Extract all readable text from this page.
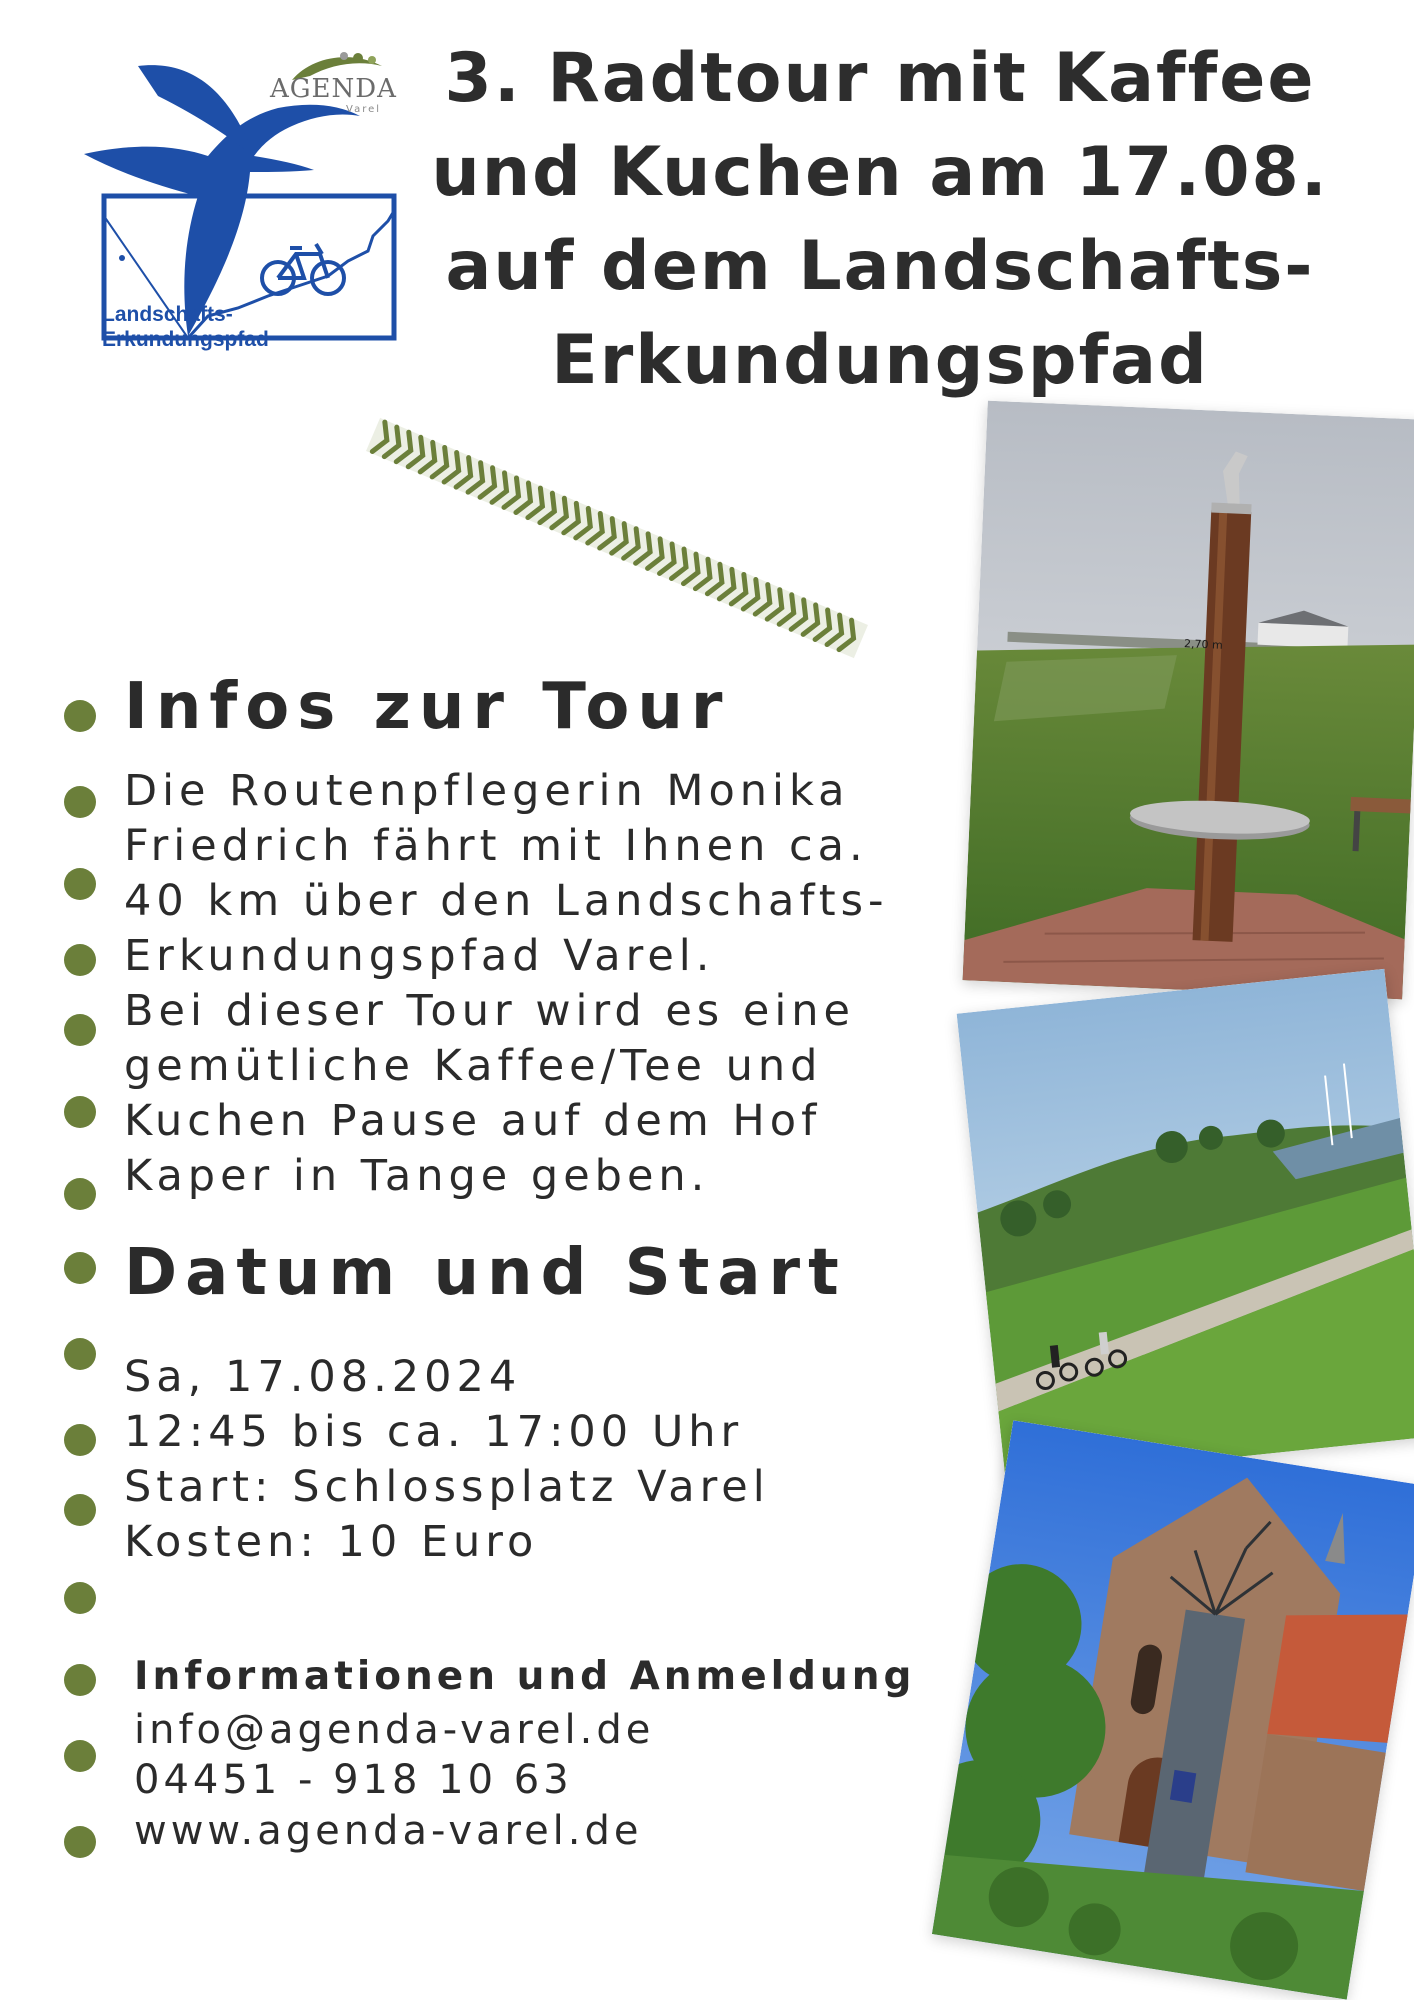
AGENDA
Varel
Landschafts-
Erkundungspfad
3. Radtour mit Kaffee
und Kuchen am 17.08.
auf dem Landschafts-
Erkundungspfad
Infos zur Tour
Die Routenpflegerin Monika
Friedrich fährt mit Ihnen ca.
40 km über den Landschafts-
Erkundungspfad Varel.
Bei dieser Tour wird es eine
gemütliche Kaffee/Tee und
Kuchen Pause auf dem Hof
Kaper in Tange geben.
Datum und Start
Sa, 17.08.2024
12:45 bis ca. 17:00 Uhr
Start: Schlossplatz Varel
Kosten: 10 Euro
Informationen und Anmeldung
info@agenda-varel.de
04451 - 918 10 63
www.agenda-varel.de
2,70 m
